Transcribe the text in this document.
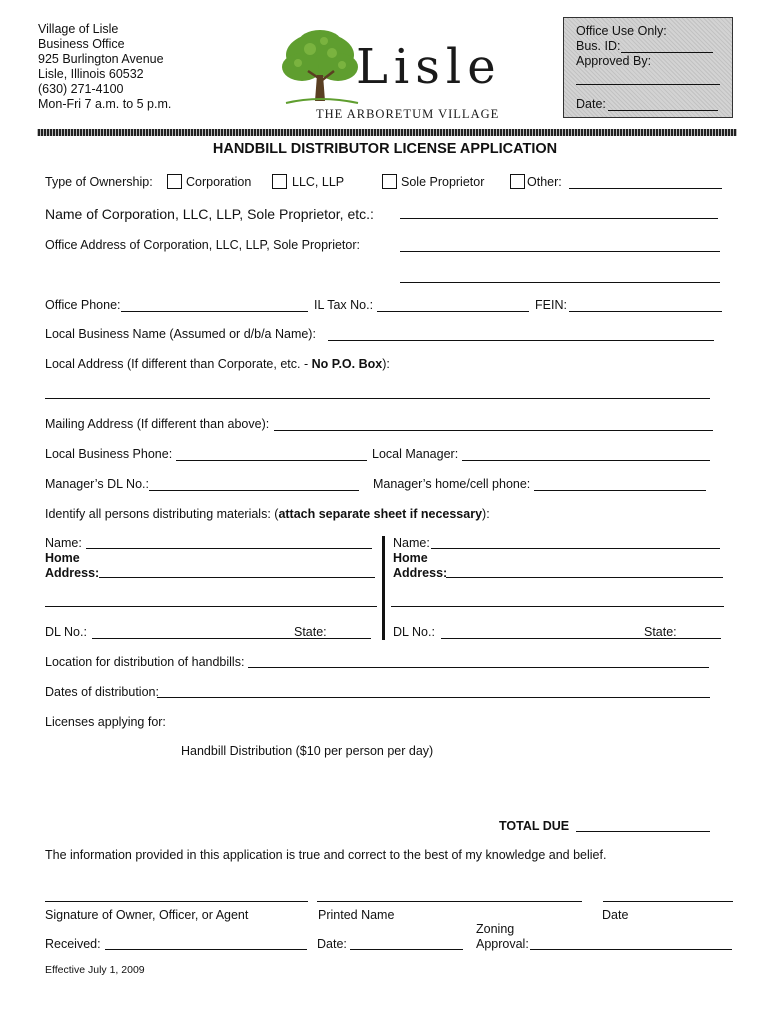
Village of Lisle
Business Office
925 Burlington Avenue
Lisle, Illinois 60532
(630) 271-4100
Mon-Fri 7 a.m. to 5 p.m.
Lisle
THE ARBORETUM VILLAGE
Office Use Only:
Bus. ID:
Approved By:
Date:
HANDBILL DISTRIBUTOR LICENSE APPLICATION
Type of Ownership:	Corporation	LLC, LLP	Sole Proprietor	Other:
Name of Corporation, LLC, LLP, Sole Proprietor, etc.:
Office Address of Corporation, LLC, LLP, Sole Proprietor:
Office Phone:	IL Tax No.:	FEIN:
Local Business Name (Assumed or d/b/a Name):
Local Address (If different than Corporate, etc. - No P.O. Box):
Mailing Address (If different than above):
Local Business Phone:	Local Manager:
Manager’s DL No.:	Manager’s home/cell phone:
Identify all persons distributing materials: (attach separate sheet if necessary):
Name:
Home
Address:
DL No.:	State:
Name:
Home
Address:
DL No.:	State:
Location for distribution of handbills:
Dates of distribution:
Licenses applying for:
Handbill Distribution ($10 per person per day)
TOTAL DUE
The information provided in this application is true and correct to the best of my knowledge and belief.
Signature of Owner, Officer, or Agent	Printed Name	Date
Zoning
Received:	Date:	Approval:
Effective July 1, 2009
